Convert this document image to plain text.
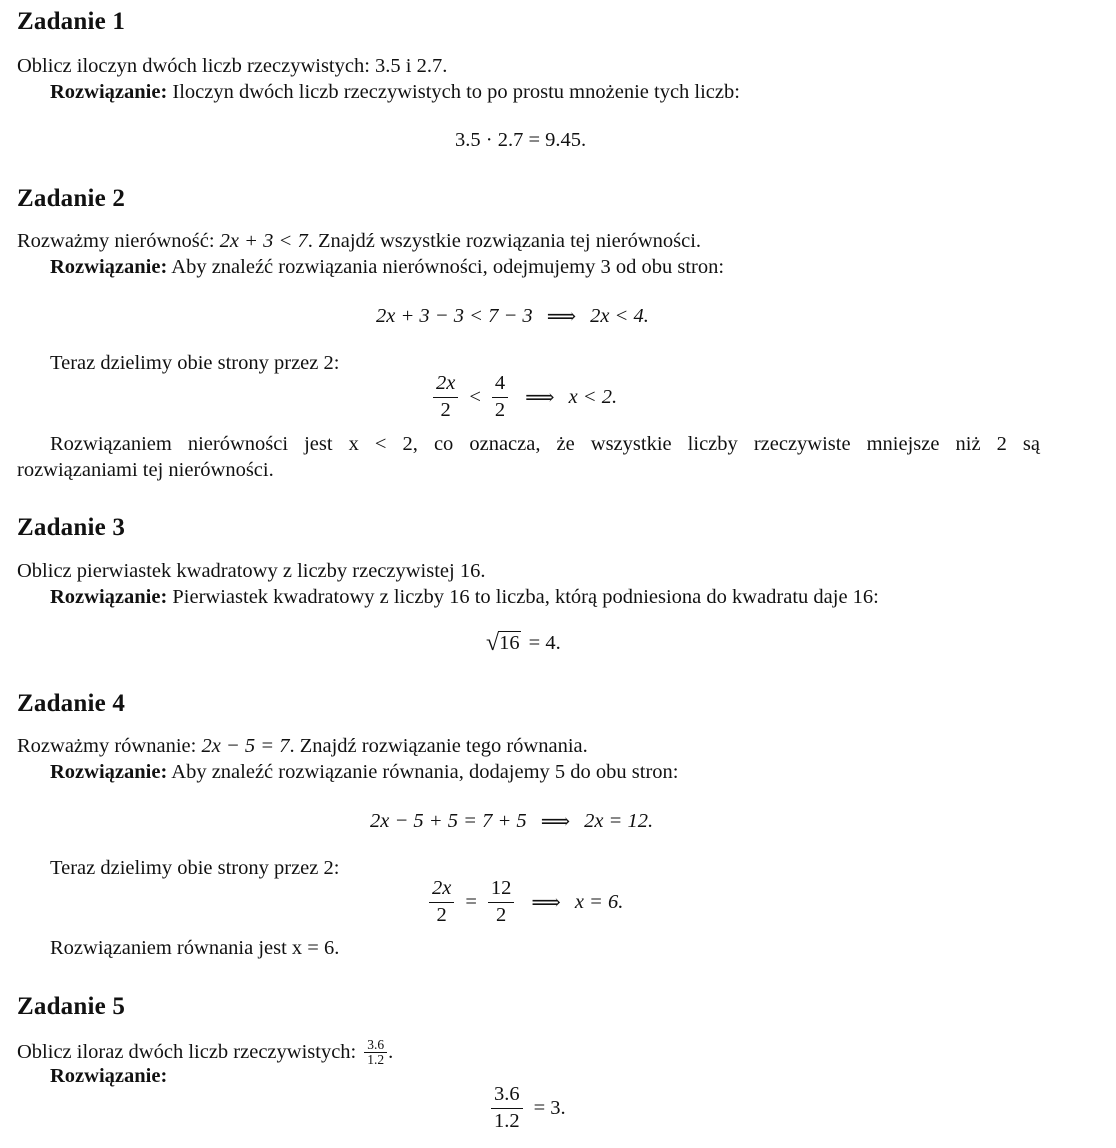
Zadanie 1
Oblicz iloczyn dwóch liczb rzeczywistych: 3.5 i 2.7.
Rozwiązanie: Iloczyn dwóch liczb rzeczywistych to po prostu mnożenie tych liczb:
3.5 · 2.7 = 9.45.
Zadanie 2
Rozważmy nierówność: 2x + 3 < 7. Znajdź wszystkie rozwiązania tej nierówności.
Rozwiązanie: Aby znaleźć rozwiązania nierówności, odejmujemy 3 od obu stron:
2x + 3 − 3 < 7 − 3 ⟹ 2x < 4.
Teraz dzielimy obie strony przez 2:
$\frac{2x}{2} < \frac{4}{2}$ ⟹ x < 2.
Rozwiązaniem nierówności jest x < 2, co oznacza, że wszystkie liczby rzeczywiste mniejsze niż 2 są
rozwiązaniami tej nierówności.
Zadanie 3
Oblicz pierwiastek kwadratowy z liczby rzeczywistej 16.
Rozwiązanie: Pierwiastek kwadratowy z liczby 16 to liczba, którą podniesiona do kwadratu daje 16:
√ 16 = 4.
Zadanie 4
Rozważmy równanie: 2x − 5 = 7. Znajdź rozwiązanie tego równania.
Rozwiązanie: Aby znaleźć rozwiązanie równania, dodajemy 5 do obu stron:
2x − 5 + 5 = 7 + 5 ⟹ 2x = 12.
Teraz dzielimy obie strony przez 2:
$\frac{2x}{2} = \frac{12}{2}$ ⟹ x = 6.
Rozwiązaniem równania jest x = 6.
Zadanie 5
Oblicz iloraz dwóch liczb rzeczywistych: $\frac{3.6}{1.2}$ .
Rozwiązanie:
$\frac{3.6}{1.2} = 3$.
